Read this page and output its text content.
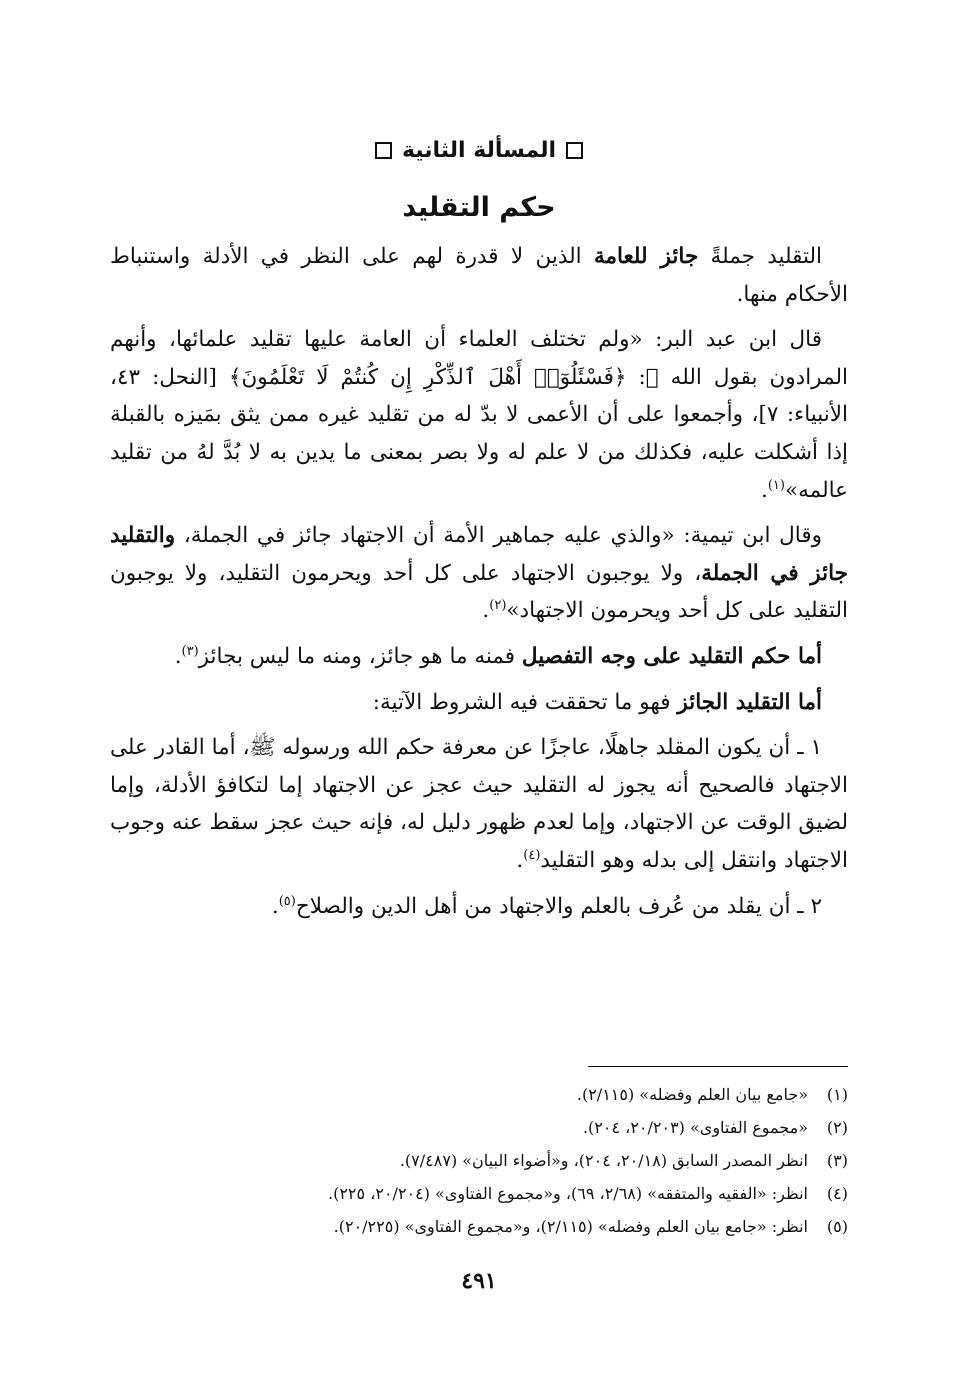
المسألة الثانية
حكم التقليد

التقليد جملةً جائز للعامة الذين لا قدرة لهم على النظر في الأدلة واستنباط الأحكام منها.

قال ابن عبد البر: «ولم تختلف العلماء أن العامة عليها تقليد علمائها، وأنهم المرادون بقول الله ﷻ: ﴿فَسْئَلُوٓا۟ أَهْلَ ٱلذِّكْرِ إِن كُنتُمْ لَا تَعْلَمُونَ﴾ [النحل: ٤٣، الأنبياء: ٧]، وأجمعوا على أن الأعمى لا بدّ له من تقليد غيره ممن يثق بمَيزه بالقبلة إذا أشكلت عليه، فكذلك من لا علم له ولا بصر بمعنى ما يدين به لا بُدَّ لهُ من تقليد عالمه»$^{(١)}$.

وقال ابن تيمية: «والذي عليه جماهير الأمة أن الاجتهاد جائز في الجملة، والتقليد جائز في الجملة، ولا يوجبون الاجتهاد على كل أحد ويحرمون التقليد، ولا يوجبون التقليد على كل أحد ويحرمون الاجتهاد»$^{(٢)}$.

أما حكم التقليد على وجه التفصيل فمنه ما هو جائز، ومنه ما ليس بجائز$^{(٣)}$.

أما التقليد الجائز فهو ما تحققت فيه الشروط الآتية:

١ ـ أن يكون المقلد جاهلًا، عاجزًا عن معرفة حكم الله ورسوله ﷺ، أما القادر على الاجتهاد فالصحيح أنه يجوز له التقليد حيث عجز عن الاجتهاد إما لتكافؤ الأدلة، وإما لضيق الوقت عن الاجتهاد، وإما لعدم ظهور دليل له، فإنه حيث عجز سقط عنه وجوب الاجتهاد وانتقل إلى بدله وهو التقليد$^{(٤)}$.

٢ ـ أن يقلد من عُرف بالعلم والاجتهاد من أهل الدين والصلاح$^{(٥)}$.

(١)
«جامع بيان العلم وفضله» (٢/١١٥).
(٢)
«مجموع الفتاوى» (٢٠/٢٠٣، ٢٠٤).
(٣)
انظر المصدر السابق (٢٠/١٨، ٢٠٤)، و«أضواء البيان» (٧/٤٨٧).
(٤)
انظر: «الفقيه والمتفقه» (٢/٦٨، ٦٩)، و«مجموع الفتاوى» (٢٠/٢٠٤، ٢٢٥).
(٥)
انظر: «جامع بيان العلم وفضله» (٢/١١٥)، و«مجموع الفتاوى» (٢٠/٢٢٥).
٤٩١
